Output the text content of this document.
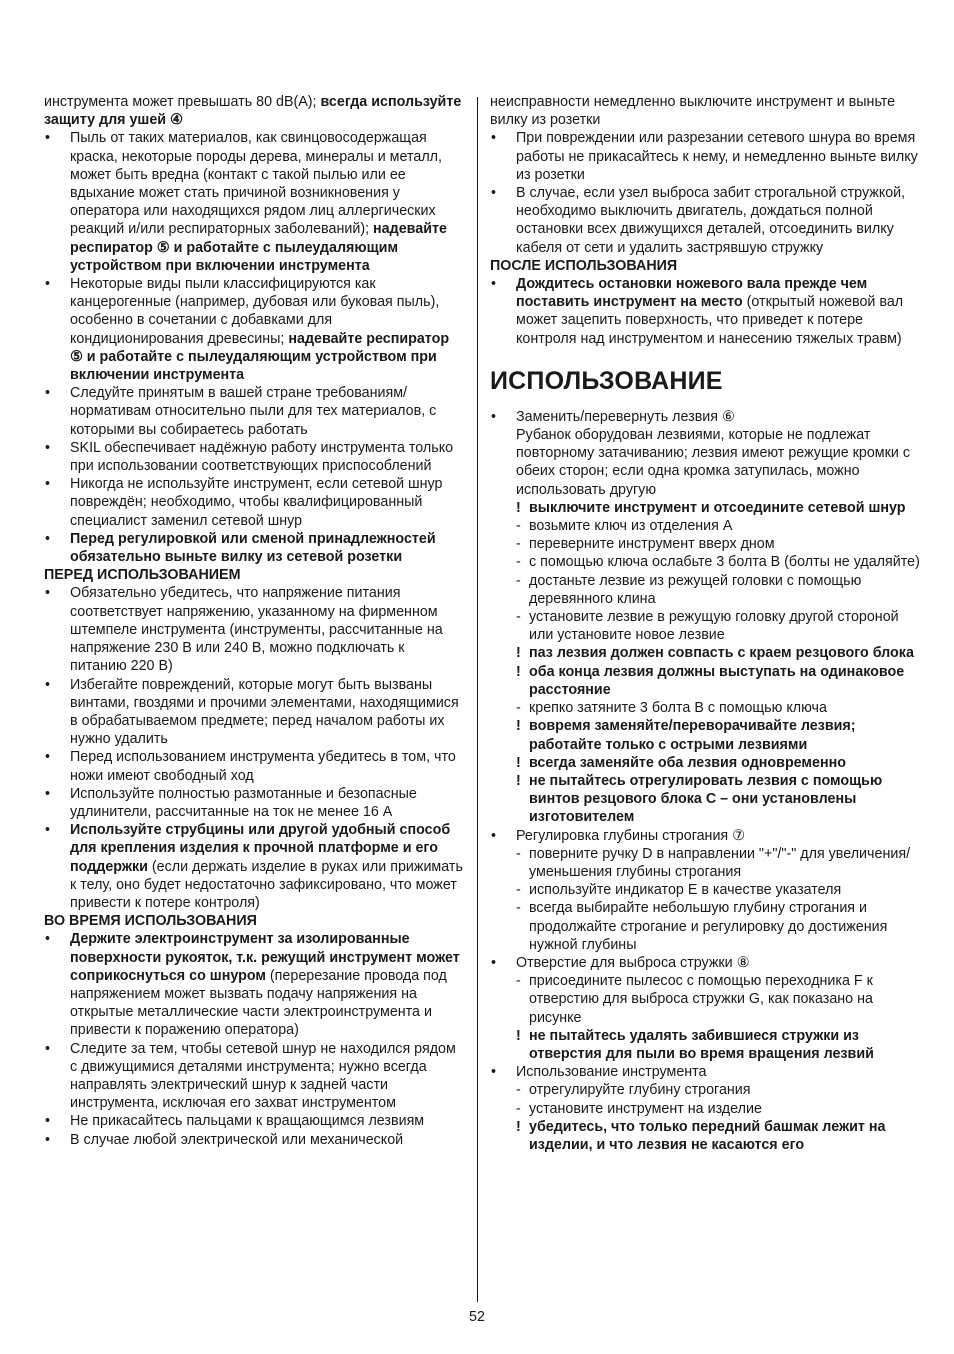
инструмента может превышать 80 dB(A); всегда используйте защиту для ушей ④
• Пыль от таких материалов, как свинцовосодержащая краска, некоторые породы дерева, минералы и металл, может быть вредна (контакт с такой пылью или ее вдыхание может стать причиной возникновения у оператора или находящихся рядом лиц аллергических реакций и/или респираторных заболеваний); надевайте респиратор ⑤ и работайте с пылеудаляющим устройством при включении инструмента
• Некоторые виды пыли классифицируются как канцерогенные (например, дубовая или буковая пыль), особенно в сочетании с добавками для кондиционирования древесины; надевайте респиратор ⑤ и работайте с пылеудаляющим устройством при включении инструмента
• Следуйте принятым в вашей стране требованиям/нормативам относительно пыли для тех материалов, с которыми вы собираетесь работать
• SKIL обеспечивает надёжную работу инструмента только при использовании соответствующих приспособлений
• Никогда не используйте инструмент, если сетевой шнур повреждён; необходимо, чтобы квалифицированный специалист заменил сетевой шнур
• Перед регулировкой или сменой принадлежностей обязательно выньте вилку из сетевой розетки
ПЕРЕД ИСПОЛЬЗОВАНИЕМ
• Обязательно убедитесь, что напряжение питания соответствует напряжению, указанному на фирменном штемпеле инструмента (инструменты, рассчитанные на напряжение 230 В или 240 В, можно подключать к питанию 220 В)
• Избегайте повреждений, которые могут быть вызваны винтами, гвоздями и прочими элементами, находящимися в обрабатываемом предмете; перед началом работы их нужно удалить
• Перед использованием инструмента убедитесь в том, что ножи имеют свободный ход
• Используйте полностью размотанные и безопасные удлинители, рассчитанные на ток не менее 16 A
• Используйте струбцины или другой удобный способ для крепления изделия к прочной платформе и его поддержки (если держать изделие в руках или прижимать к телу, оно будет недостаточно зафиксировано, что может привести к потере контроля)
ВО ВРЕМЯ ИСПОЛЬЗОВАНИЯ
• Держите электроинструмент за изолированные поверхности рукояток, т.к. режущий инструмент может соприкоснуться со шнуром (перерезание провода под напряжением может вызвать подачу напряжения на открытые металлические части электроинструмента и привести к поражению оператора)
• Следите за тем, чтобы сетевой шнур не находился рядом с движущимися деталями инструмента; нужно всегда направлять электрический шнур к задней части инструмента, исключая его захват инструментом
• Не прикасайтесь пальцами к вращающимся лезвиям
• В случае любой электрической или механической
неисправности немедленно выключите инструмент и выньте вилку из розетки
• При повреждении или разрезании сетевого шнура во время работы не прикасайтесь к нему, и немедленно выньте вилку из розетки
• В случае, если узел выброса забит строгальной стружкой, необходимо выключить двигатель, дождаться полной остановки всех движущихся деталей, отсоединить вилку кабеля от сети и удалить застрявшую стружку
ПОСЛЕ ИСПОЛЬЗОВАНИЯ
• Дождитесь остановки ножевого вала прежде чем поставить инструмент на место (открытый ножевой вал может зацепить поверхность, что приведет к потере контроля над инструментом и нанесению тяжелых травм)
ИСПОЛЬЗОВАНИЕ
• Заменить/перевернуть лезвия ⑥
Рубанок оборудован лезвиями, которые не подлежат повторному затачиванию; лезвия имеют режущие кромки с обеих сторон; если одна кромка затупилась, можно использовать другую
! выключите инструмент и отсоедините сетевой шнур
- возьмите ключ из отделения A
- переверните инструмент вверх дном
- с помощью ключа ослабьте 3 болта B (болты не удаляйте)
- достаньте лезвие из режущей головки с помощью деревянного клина
- установите лезвие в режущую головку другой стороной или установите новое лезвие
! паз лезвия должен совпасть с краем резцового блока
! оба конца лезвия должны выступать на одинаковое расстояние
- крепко затяните 3 болта B с помощью ключа
! вовремя заменяйте/переворачивайте лезвия; работайте только с острыми лезвиями
! всегда заменяйте оба лезвия одновременно
! не пытайтесь отрегулировать лезвия с помощью винтов резцового блока C – они установлены изготовителем
• Регулировка глубины строгания ⑦
- поверните ручку D в направлении "+"/"-" для увеличения/уменьшения глубины строгания
- используйте индикатор E в качестве указателя
- всегда выбирайте небольшую глубину строгания и продолжайте строгание и регулировку до достижения нужной глубины
• Отверстие для выброса стружки ⑧
- присоедините пылесос с помощью переходника F к отверстию для выброса стружки G, как показано на рисунке
! не пытайтесь удалять забившиеся стружки из отверстия для пыли во время вращения лезвий
• Использование инструмента
- отрегулируйте глубину строгания
- установите инструмент на изделие
! убедитесь, что только передний башмак лежит на изделии, и что лезвия не касаются его
52
